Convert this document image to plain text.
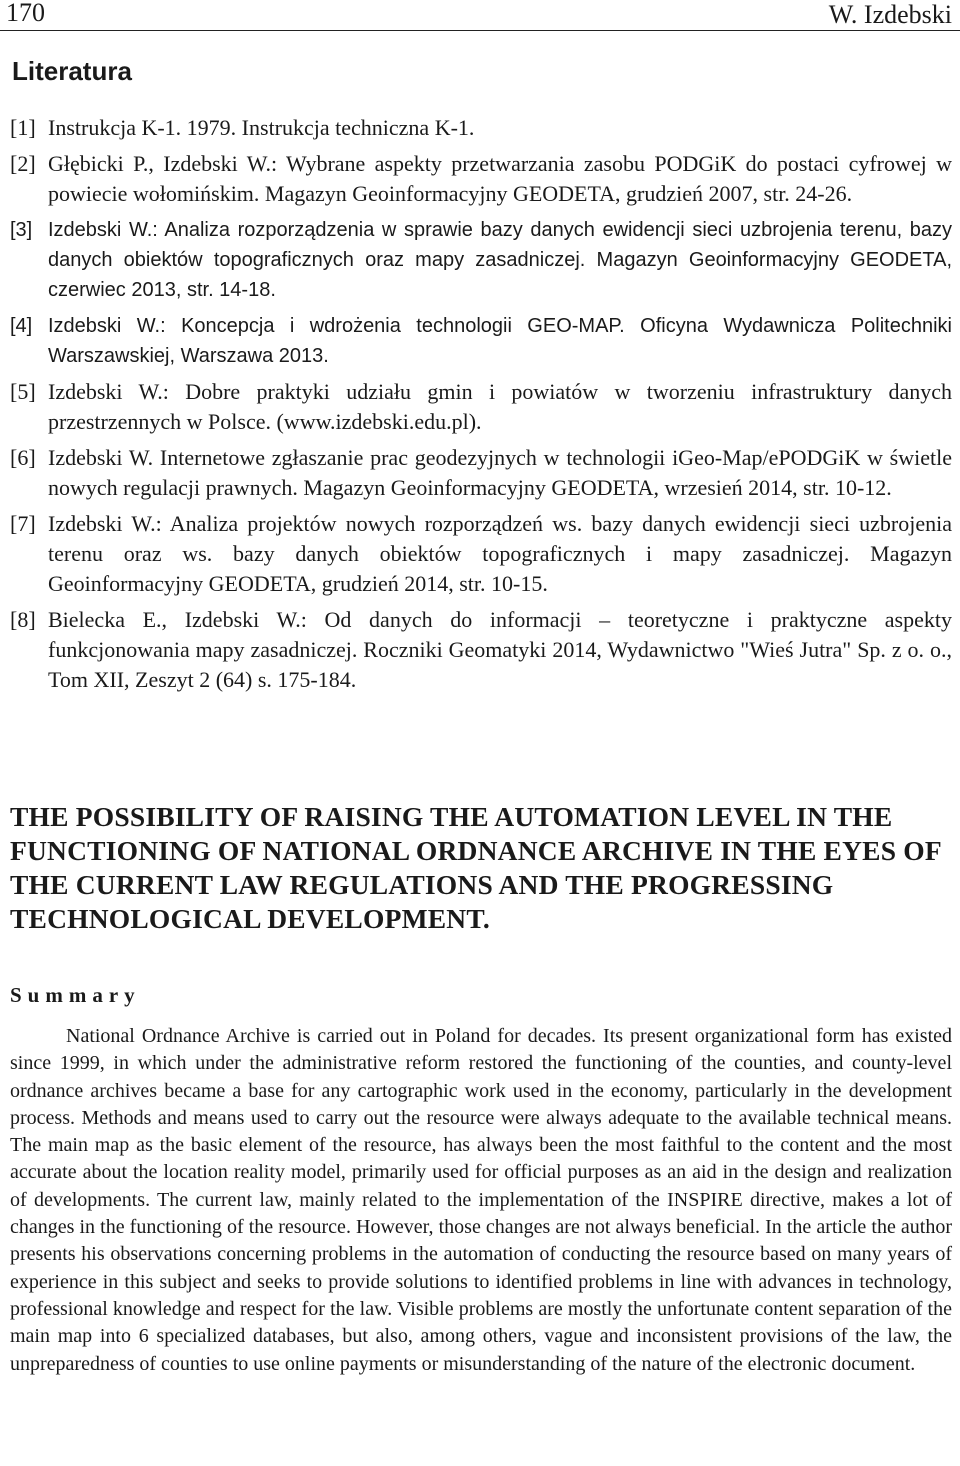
170	W. Izdebski
Literatura
[1] Instrukcja K-1. 1979. Instrukcja techniczna K-1.
[2] Głębicki P., Izdebski W.: Wybrane aspekty przetwarzania zasobu PODGiK do postaci cyfrowej w powiecie wołomińskim. Magazyn Geoinformacyjny GEODETA, grudzień 2007, str. 24-26.
[3] Izdebski W.: Analiza rozporządzenia w sprawie bazy danych ewidencji sieci uzbrojenia terenu, bazy danych obiektów topograficznych oraz mapy zasadniczej. Magazyn Geoinformacyjny GEODETA, czerwiec 2013, str. 14-18.
[4] Izdebski W.: Koncepcja i wdrożenia technologii GEO-MAP. Oficyna Wydawnicza Politechniki Warszawskiej, Warszawa 2013.
[5] Izdebski W.: Dobre praktyki udziału gmin i powiatów w tworzeniu infrastruktury danych przestrzennych w Polsce. (www.izdebski.edu.pl).
[6] Izdebski W. Internetowe zgłaszanie prac geodezyjnych w technologii iGeo-Map/ePODGiK w świetle nowych regulacji prawnych. Magazyn Geoinformacyjny GEODETA, wrzesień 2014, str. 10-12.
[7] Izdebski W.: Analiza projektów nowych rozporządzeń ws. bazy danych ewidencji sieci uzbrojenia terenu oraz ws. bazy danych obiektów topograficznych i mapy zasadniczej. Magazyn Geoinformacyjny GEODETA, grudzień 2014, str. 10-15.
[8] Bielecka E., Izdebski W.: Od danych do informacji – teoretyczne i praktyczne aspekty funkcjonowania mapy zasadniczej. Roczniki Geomatyki 2014, Wydawnictwo "Wieś Jutra" Sp. z o. o., Tom XII, Zeszyt 2 (64) s. 175-184.
THE POSSIBILITY OF RAISING THE AUTOMATION LEVEL IN THE FUNCTIONING OF NATIONAL ORDNANCE ARCHIVE IN THE EYES OF THE CURRENT LAW REGULATIONS AND THE PROGRESSING TECHNOLOGICAL DEVELOPMENT.
Summary

National Ordnance Archive is carried out in Poland for decades. Its present organizational form has existed since 1999, in which under the administrative reform restored the functioning of the counties, and county-level ordnance archives became a base for any cartographic work used in the economy, particularly in the development process. Methods and means used to carry out the resource were always adequate to the available technical means. The main map as the basic element of the resource, has always been the most faithful to the content and the most accurate about the location reality model, primarily used for official purposes as an aid in the design and realization of developments. The current law, mainly related to the implementation of the INSPIRE directive, makes a lot of changes in the functioning of the resource. However, those changes are not always beneficial. In the article the author presents his observations concerning problems in the automation of conducting the resource based on many years of experience in this subject and seeks to provide solutions to identified problems in line with advances in technology, professional knowledge and respect for the law. Visible problems are mostly the unfortunate content separation of the main map into 6 specialized databases, but also, among others, vague and inconsistent provisions of the law, the unpreparedness of counties to use online payments or misunderstanding of the nature of the electronic document.
